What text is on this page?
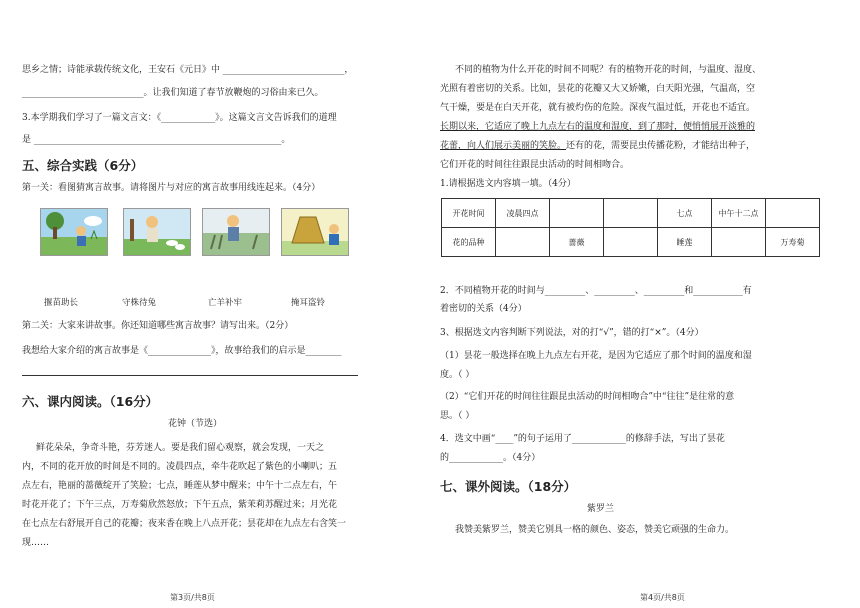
思乡之情；诗能承载传统文化，王安石《元日》中 ___________________________，
___________________________。让我们知道了春节放鞭炮的习俗由来已久。
3.本学期我们学习了一篇文言文：《____________》。这篇文言文告诉我们的道理
是 _______________________________________________________。
五、综合实践（6分）
第一关：看图猜寓言故事。请将图片与对应的寓言故事用线连起来。（4分）
揠苗助长	守株待兔	亡羊补牢	掩耳盗铃
第二关：大家来讲故事。你还知道哪些寓言故事？请写出来。（2分）
我想给大家介绍的寓言故事是《______________》，故事给我们的启示是________
六、课内阅读。（16分）
花钟（节选）
鲜花朵朵，争奇斗艳，芬芳迷人。要是我们留心观察，就会发现，一天之
内，不同的花开放的时间是不同的。凌晨四点，牵牛花吹起了紫色的小喇叭；五
点左右，艳丽的蔷薇绽开了笑脸；七点，睡莲从梦中醒来；中午十二点左右，午
时花开花了；下午三点，万寿菊欣然怒放；下午五点，紫茉莉苏醒过来；月光花
在七点左右舒展开自己的花瓣；夜来香在晚上八点开花；昙花却在九点左右含笑一
现……
第3页/共8页
不同的植物为什么开花的时间不同呢？有的植物开花的时间，与温度、湿度、
光照有着密切的关系。比如，昙花的花瓣又大又娇嫩，白天阳光强，气温高，空
气干燥，要是在白天开花，就有被灼伤的危险。深夜气温过低，开花也不适宜。
长期以来，它适应了晚上九点左右的温度和湿度，到了那时，便悄悄展开淡雅的
花蕾，向人们展示美丽的笑脸。还有的花，需要昆虫传播花粉，才能结出种子，
它们开花的时间往往跟昆虫活动的时间相吻合。
1.请根据选文内容填一填。（4分）
开花时间	凌晨四点			七点	中午十二点	
花的品种		蔷薇		睡莲		万寿菊
2．不同植物开花的时间与_________、_________、_________和___________有
着密切的关系（4分）
3、根据选文内容判断下列说法，对的打“√”，错的打“×”。（4分）
（1）昙花一般选择在晚上九点左右开花，是因为它适应了那个时间的温度和湿
度。（ ）
（2）“它们开花的时间往往跟昆虫活动的时间相吻合”中“往往”是往常的意
思。（ ）
4．选文中画“____”的句子运用了____________的修辞手法，写出了昙花
的____________。（4分）
七、课外阅读。（18分）
紫罗兰
我赞美紫罗兰，赞美它别具一格的颜色、姿态，赞美它顽强的生命力。
第4页/共8页
